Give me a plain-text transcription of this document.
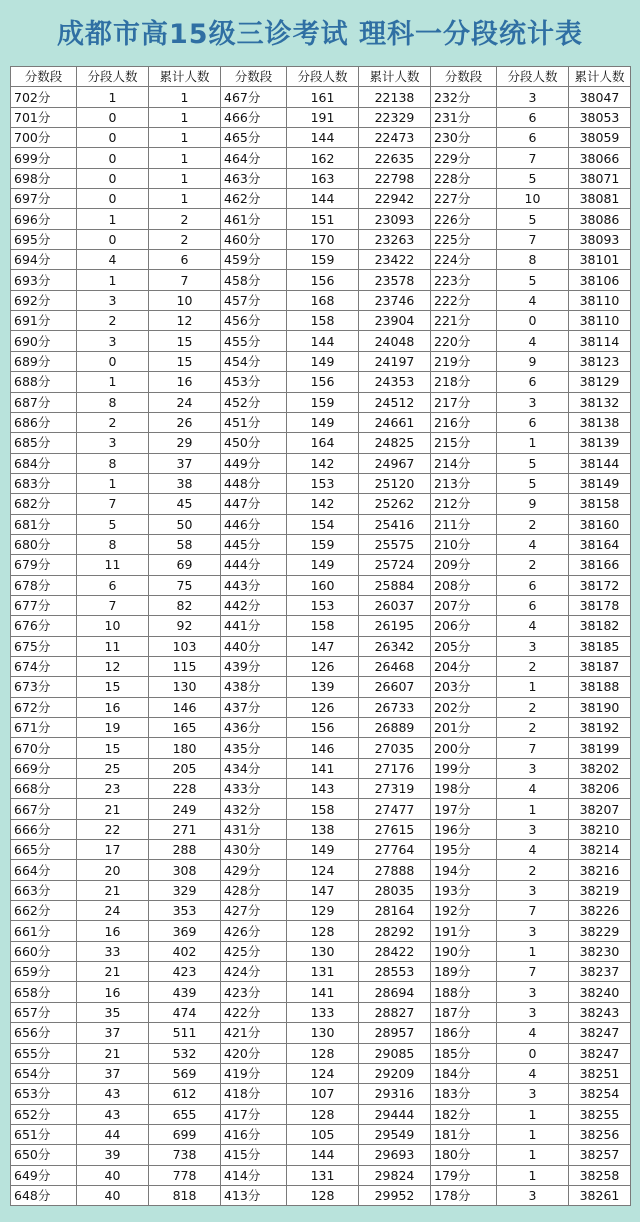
成都市高15级三诊考试 理科一分段统计表
分数段	分段人数	累计人数	分数段	分段人数	累计人数	分数段	分段人数	累计人数
702分	1	1	467分	161	22138	232分	3	38047
701分	0	1	466分	191	22329	231分	6	38053
700分	0	1	465分	144	22473	230分	6	38059
699分	0	1	464分	162	22635	229分	7	38066
698分	0	1	463分	163	22798	228分	5	38071
697分	0	1	462分	144	22942	227分	10	38081
696分	1	2	461分	151	23093	226分	5	38086
695分	0	2	460分	170	23263	225分	7	38093
694分	4	6	459分	159	23422	224分	8	38101
693分	1	7	458分	156	23578	223分	5	38106
692分	3	10	457分	168	23746	222分	4	38110
691分	2	12	456分	158	23904	221分	0	38110
690分	3	15	455分	144	24048	220分	4	38114
689分	0	15	454分	149	24197	219分	9	38123
688分	1	16	453分	156	24353	218分	6	38129
687分	8	24	452分	159	24512	217分	3	38132
686分	2	26	451分	149	24661	216分	6	38138
685分	3	29	450分	164	24825	215分	1	38139
684分	8	37	449分	142	24967	214分	5	38144
683分	1	38	448分	153	25120	213分	5	38149
682分	7	45	447分	142	25262	212分	9	38158
681分	5	50	446分	154	25416	211分	2	38160
680分	8	58	445分	159	25575	210分	4	38164
679分	11	69	444分	149	25724	209分	2	38166
678分	6	75	443分	160	25884	208分	6	38172
677分	7	82	442分	153	26037	207分	6	38178
676分	10	92	441分	158	26195	206分	4	38182
675分	11	103	440分	147	26342	205分	3	38185
674分	12	115	439分	126	26468	204分	2	38187
673分	15	130	438分	139	26607	203分	1	38188
672分	16	146	437分	126	26733	202分	2	38190
671分	19	165	436分	156	26889	201分	2	38192
670分	15	180	435分	146	27035	200分	7	38199
669分	25	205	434分	141	27176	199分	3	38202
668分	23	228	433分	143	27319	198分	4	38206
667分	21	249	432分	158	27477	197分	1	38207
666分	22	271	431分	138	27615	196分	3	38210
665分	17	288	430分	149	27764	195分	4	38214
664分	20	308	429分	124	27888	194分	2	38216
663分	21	329	428分	147	28035	193分	3	38219
662分	24	353	427分	129	28164	192分	7	38226
661分	16	369	426分	128	28292	191分	3	38229
660分	33	402	425分	130	28422	190分	1	38230
659分	21	423	424分	131	28553	189分	7	38237
658分	16	439	423分	141	28694	188分	3	38240
657分	35	474	422分	133	28827	187分	3	38243
656分	37	511	421分	130	28957	186分	4	38247
655分	21	532	420分	128	29085	185分	0	38247
654分	37	569	419分	124	29209	184分	4	38251
653分	43	612	418分	107	29316	183分	3	38254
652分	43	655	417分	128	29444	182分	1	38255
651分	44	699	416分	105	29549	181分	1	38256
650分	39	738	415分	144	29693	180分	1	38257
649分	40	778	414分	131	29824	179分	1	38258
648分	40	818	413分	128	29952	178分	3	38261
